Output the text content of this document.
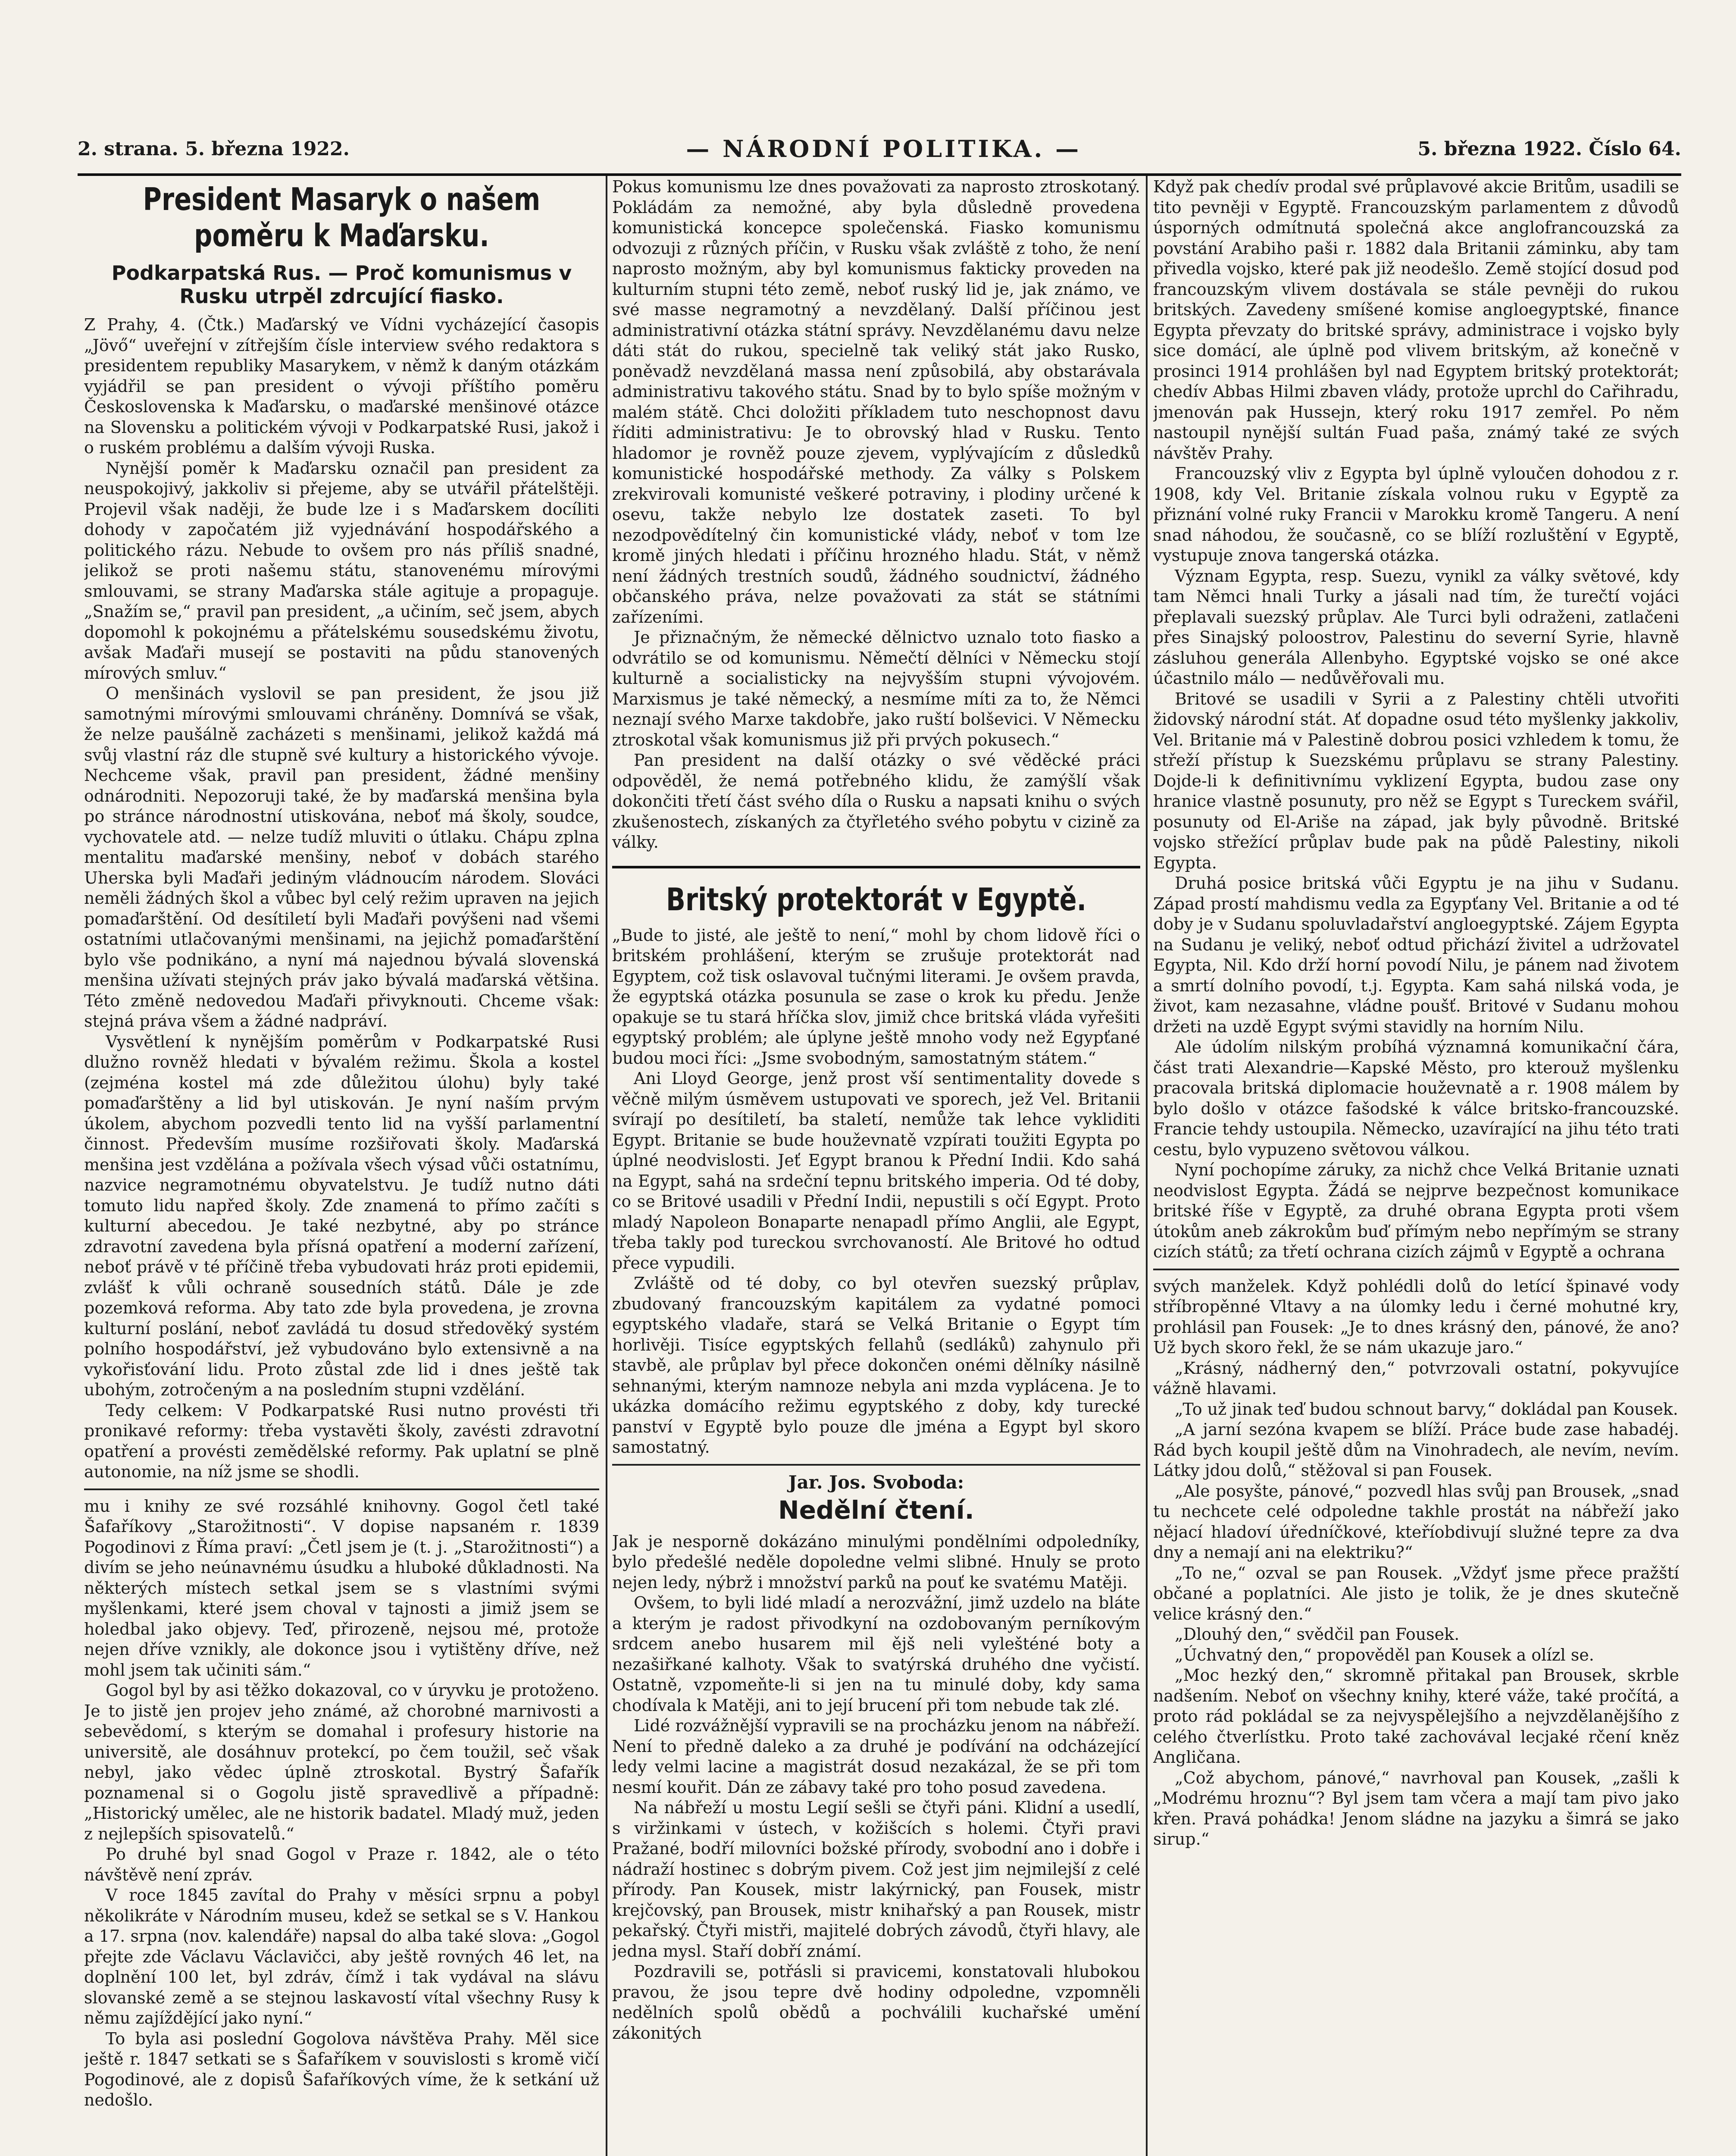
2. strana. 5. března 1922.	— NÁRODNÍ POLITIKA. —	5. března 1922. Číslo 64.
President Masaryk o našem poměru k Maďarsku.
Podkarpatská Rus. — Proč komunismus v Rusku utrpěl zdrcující fiasko.

Z Prahy, 4. (Čtk.) Maďarský ve Vídni vycházející časopis „Jövő“ uveřejní v zítřejším čísle interview svého redaktora s presidentem republiky Masarykem, v němž k daným otázkám vyjádřil se pan president o vývoji příštího poměru Československa k Maďarsku, o maďarské menšinové otázce na Slovensku a politickém vývoji v Podkarpatské Rusi, jakož i o ruském problému a dalším vývoji Ruska.

Nynější poměr k Maďarsku označil pan president za neuspokojivý, jakkoliv si přejeme, aby se utvářil přátelštěji. Projevil však naději, že bude lze i s Maďarskem docíliti dohody v započatém již vyjednávání hospodářského a politického rázu. Nebude to ovšem pro nás příliš snadné, jelikož se proti našemu státu, stanovenému mírovými smlouvami, se strany Maďarska stále agituje a propaguje. „Snažím se,“ pravil pan president, „a učiním, seč jsem, abych dopomohl k pokojnému a přátelskému sousedskému životu, avšak Maďaři musejí se postaviti na půdu stanovených mírových smluv.“

O menšinách vyslovil se pan president, že jsou již samotnými mírovými smlouvami chráněny. Domnívá se však, že nelze paušálně zacházeti s menšinami, jelikož každá má svůj vlastní ráz dle stupně své kultury a historického vývoje. Nechceme však, pravil pan president, žádné menšiny odnárodniti. Nepozoruji také, že by maďarská menšina byla po stránce národnostní utiskována, neboť má školy, soudce, vychovatele atd. — nelze tudíž mluviti o útlaku. Chápu zplna mentalitu maďarské menšiny, neboť v dobách starého Uherska byli Maďaři jediným vládnoucím národem. Slováci neměli žádných škol a vůbec byl celý režim upraven na jejich pomaďarštění. Od desítiletí byli Maďaři povýšeni nad všemi ostatními utlačovanými menšinami, na jejichž pomaďarštění bylo vše podnikáno, a nyní má najednou bývalá slovenská menšina užívati stejných práv jako bývalá maďarská většina. Této změně nedovedou Maďaři přivyknouti. Chceme však: stejná práva všem a žádné nadpráví.

Vysvětlení k nynějším poměrům v Podkarpatské Rusi dlužno rovněž hledati v bývalém režimu. Škola a kostel (zejména kostel má zde důležitou úlohu) byly také pomaďarštěny a lid byl utiskován. Je nyní naším prvým úkolem, abychom pozvedli tento lid na vyšší parlamentní činnost. Především musíme rozšiřovati školy. Maďarská menšina jest vzdělána a požívala všech výsad vůči ostatnímu, nazvice negramotnému obyvatelstvu. Je tudíž nutno dáti tomuto lidu napřed školy. Zde znamená to přímo začíti s kulturní abecedou. Je také nezbytné, aby po stránce zdravotní zavedena byla přísná opatření a moderní zařízení, neboť právě v té příčině třeba vybudovati hráz proti epidemii, zvlášť k vůli ochraně sousedních států. Dále je zde pozemková reforma. Aby tato zde byla provedena, je zrovna kulturní poslání, neboť zavládá tu dosud středověký systém polního hospodářství, jež vybudováno bylo extensivně a na vykořisťování lidu. Proto zůstal zde lid i dnes ještě tak ubohým, zotročeným a na posledním stupni vzdělání.

Tedy celkem: V Podkarpatské Rusi nutno provésti tři pronikavé reformy: třeba vystavěti školy, zavésti zdravotní opatření a provésti zemědělské reformy. Pak uplatní se plně autonomie, na níž jsme se shodli.

mu i knihy ze své rozsáhlé knihovny. Gogol četl také Šafaříkovy „Starožitnosti“. V dopise napsaném r. 1839 Pogodinovi z Říma praví: „Četl jsem je (t. j. „Starožitnosti“) a divím se jeho neúnavnému úsudku a hluboké důkladnosti. Na některých místech setkal jsem se s vlastními svými myšlenkami, které jsem choval v tajnosti a jimiž jsem se holedbal jako objevy. Teď, přirozeně, nejsou mé, protože nejen dříve vznikly, ale dokonce jsou i vytištěny dříve, než mohl jsem tak učiniti sám.“

Gogol byl by asi těžko dokazoval, co v úryvku je protoženo. Je to jistě jen projev jeho známé, až chorobné marnivosti a sebevědomí, s kterým se domahal i profesury historie na universitě, ale dosáhnuv protekcí, po čem toužil, seč však nebyl, jako vědec úplně ztroskotal. Bystrý Šafařík poznamenal si o Gogolu jistě spravedlivě a případně: „Historický umělec, ale ne historik badatel. Mladý muž, jeden z nejlepších spisovatelů.“

Po druhé byl snad Gogol v Praze r. 1842, ale o této návštěvě není zpráv.

V roce 1845 zavítal do Prahy v měsíci srpnu a pobyl několikráte v Národním museu, kdež se setkal se s V. Hankou a 17. srpna (nov. kalendáře) napsal do alba také slova: „Gogol přejte zde Václavu Václavičci, aby ještě rovných 46 let, na doplnění 100 let, byl zdráv, čímž i tak vydával na slávu slovanské země a se stejnou laskavostí vítal všechny Rusy k němu zajíždějící jako nyní.“

To byla asi poslední Gogolova návštěva Prahy. Měl sice ještě r. 1847 setkati se s Šafaříkem v souvislosti s kromě vičí Pogodinové, ale z dopisů Šafaříkových víme, že k setkání už nedošlo.

Pokus komunismu lze dnes považovati za naprosto ztroskotaný. Pokládám za nemožné, aby byla důsledně provedena komunistická koncepce společenská. Fiasko komunismu odvozuji z různých příčin, v Rusku však zvláště z toho, že není naprosto možným, aby byl komunismus fakticky proveden na kulturním stupni této země, neboť ruský lid je, jak známo, ve své masse negramotný a nevzdělaný. Další příčinou jest administrativní otázka státní správy. Nevzdělanému davu nelze dáti stát do rukou, specielně tak veliký stát jako Rusko, poněvadž nevzdělaná massa není způsobilá, aby obstarávala administrativu takového státu. Snad by to bylo spíše možným v malém státě. Chci doložiti příkladem tuto neschopnost davu říditi administrativu: Je to obrovský hlad v Rusku. Tento hladomor je rovněž pouze zjevem, vyplývajícím z důsledků komunistické hospodářské methody. Za války s Polskem zrekvirovali komunisté veškeré potraviny, i plodiny určené k osevu, takže nebylo lze dostatek zaseti. To byl nezodpovědítelný čin komunistické vlády, neboť v tom lze kromě jiných hledati i příčinu hrozného hladu. Stát, v němž není žádných trestních soudů, žádného soudnictví, žádného občanského práva, nelze považovati za stát se státními zařízeními.

Je přiznačným, že německé dělnictvo uznalo toto fiasko a odvrátilo se od komunismu. Němečtí dělníci v Německu stojí kulturně a socialisticky na nejvyšším stupni vývojovém. Marxismus je také německý, a nesmíme míti za to, že Němci neznají svého Marxe takdobře, jako ruští bolševici. V Německu ztroskotal však komunismus již při prvých pokusech.“

Pan president na další otázky o své věděcké práci odpověděl, že nemá potřebného klidu, že zamýšlí však dokončiti třetí část svého díla o Rusku a napsati knihu o svých zkušenostech, získaných za čtyřletého svého pobytu v cizině za války.

Britský protektorát v Egyptě.

„Bude to jisté, ale ještě to není,“ mohl by chom lidově říci o britském prohlášení, kterým se zrušuje protektorát nad Egyptem, což tisk oslavoval tučnými literami. Je ovšem pravda, že egyptská otázka posunula se zase o krok ku předu. Jenže opakuje se tu stará hříčka slov, jimiž chce britská vláda vyřešiti egyptský problém; ale úplyne ještě mnoho vody než Egypťané budou moci říci: „Jsme svobodným, samostatným státem.“

Ani Lloyd George, jenž prost vší sentimentality dovede s věčně milým úsměvem ustupovati ve sporech, jež Vel. Britanii svírají po desítiletí, ba staletí, nemůže tak lehce vykliditi Egypt. Britanie se bude houževnatě vzpírati toužiti Egypta po úplné neodvislosti. Jeť Egypt branou k Přední Indii. Kdo sahá na Egypt, sahá na srdeční tepnu britského imperia. Od té doby, co se Britové usadili v Přední Indii, nepustili s očí Egypt. Proto mladý Napoleon Bonaparte nenapadl přímo Anglii, ale Egypt, třeba takly pod tureckou svrchovaností. Ale Britové ho odtud přece vypudili.

Zvláště od té doby, co byl otevřen suezský průplav, zbudovaný francouzským kapitálem za vydatné pomoci egyptského vladaře, stará se Velká Britanie o Egypt tím horlivěji. Tisíce egyptských fellahů (sedláků) zahynulo při stavbě, ale průplav byl přece dokončen onémi dělníky násilně sehnanými, kterým namnoze nebyla ani mzda vyplácena. Je to ukázka domácího režimu egyptského z doby, kdy turecké panství v Egyptě bylo pouze dle jména a Egypt byl skoro samostatný.

Jar. Jos. Svoboda:
Nedělní čtení.

Jak je nesporně dokázáno minulými pondělními odpoledníky, bylo předešlé neděle dopoledne velmi slibné. Hnuly se proto nejen ledy, nýbrž i množství parků na pouť ke svatému Matěji.

Ovšem, to byli lidé mladí a nerozvážní, jimž uzdelo na bláte a kterým je radost přivodkyní na ozdobovaným perníkovým srdcem anebo husarem mil ějš neli vylešténé boty a nezašiřkané kalhoty. Však to svatýrská druhého dne vyčistí. Ostatně, vzpomeňte-li si jen na tu minulé doby, kdy sama chodívala k Matěji, ani to její brucení při tom nebude tak zlé.

Lidé rozvážnější vypravili se na procházku jenom na nábřeží. Není to předně daleko a za druhé je podívání na odcházející ledy velmi lacine a magistrát dosud nezakázal, že se při tom nesmí kouřit. Dán ze zábavy také pro toho posud zavedena.

Na nábřeží u mostu Legií sešli se čtyři páni. Klidní a usedlí, s viržinkami v ústech, v kožišcích s holemi. Čtyři pravi Pražané, bodří milovníci božské přírody, svobodní ano i dobře i nádraží hostinec s dobrým pivem. Což jest jim nejmilejší z celé přírody. Pan Kousek, mistr lakýrnický, pan Fousek, mistr krejčovský, pan Brousek, mistr knihařský a pan Rousek, mistr pekařský. Čtyři mistři, majitelé dobrých závodů, čtyři hlavy, ale jedna mysl. Staří dobří známí.

Pozdravili se, potřásli si pravicemi, konstatovali hlubokou pravou, že jsou tepre dvě hodiny odpoledne, vzpomněli nedělních spolů obědů a pochválili kuchařské umění zákonitých

Když pak chedív prodal své průplavové akcie Britům, usadili se tito pevněji v Egyptě. Francouzským parlamentem z důvodů úsporných odmítnutá společná akce anglofrancouzská za povstání Arabiho paši r. 1882 dala Britanii záminku, aby tam přivedla vojsko, které pak již neodešlo. Země stojící dosud pod francouzským vlivem dostávala se stále pevněji do rukou britských. Zavedeny smíšené komise angloegyptské, finance Egypta převzaty do britské správy, administrace i vojsko byly sice domácí, ale úplně pod vlivem britským, až konečně v prosinci 1914 prohlášen byl nad Egyptem britský protektorát; chedív Abbas Hilmi zbaven vlády, protože uprchl do Cařihradu, jmenován pak Hussejn, který roku 1917 zemřel. Po něm nastoupil nynější sultán Fuad paša, známý také ze svých návštěv Prahy.

Francouzský vliv z Egypta byl úplně vyloučen dohodou z r. 1908, kdy Vel. Britanie získala volnou ruku v Egyptě za přiznání volné ruky Francii v Marokku kromě Tangeru. A není snad náhodou, že současně, co se blíží rozluštění v Egyptě, vystupuje znova tangerská otázka.

Význam Egypta, resp. Suezu, vynikl za války světové, kdy tam Němci hnali Turky a jásali nad tím, že turečtí vojáci přeplavali suezský průplav. Ale Turci byli odraženi, zatlačeni přes Sinajský poloostrov, Palestinu do severní Syrie, hlavně zásluhou generála Allenbyho. Egyptské vojsko se oné akce účastnilo málo — nedůvěřovali mu.

Britové se usadili v Syrii a z Palestiny chtěli utvořiti židovský národní stát. Ať dopadne osud této myšlenky jakkoliv, Vel. Britanie má v Palestině dobrou posici vzhledem k tomu, že střeží přístup k Suezskému průplavu se strany Palestiny. Dojde-li k definitivnímu vyklizení Egypta, budou zase ony hranice vlastně posunuty, pro něž se Egypt s Tureckem svářil, posunuty od El-Ariše na západ, jak byly původně. Britské vojsko střežící průplav bude pak na půdě Palestiny, nikoli Egypta.

Druhá posice britská vůči Egyptu je na jihu v Sudanu. Západ prostí mahdismu vedla za Egypťany Vel. Britanie a od té doby je v Sudanu spoluvladařství angloegyptské. Zájem Egypta na Sudanu je veliký, neboť odtud přichází živitel a udržovatel Egypta, Nil. Kdo drží horní povodí Nilu, je pánem nad životem a smrtí dolního povodí, t.j. Egypta. Kam sahá nilská voda, je život, kam nezasahne, vládne poušť. Britové v Sudanu mohou držeti na uzdě Egypt svými stavidly na horním Nilu.

Ale údolím nilským probíhá významná komunikační čára, část trati Alexandrie—Kapské Město, pro kterouž myšlenku pracovala britská diplomacie houževnatě a r. 1908 málem by bylo došlo v otázce fašodské k válce britsko-francouzské. Francie tehdy ustoupila. Německo, uzavírající na jihu této trati cestu, bylo vypuzeno světovou válkou.

Nyní pochopíme záruky, za nichž chce Velká Britanie uznati neodvislost Egypta. Žádá se nejprve bezpečnost komunikace britské říše v Egyptě, za druhé obrana Egypta proti všem útokům aneb zákrokům buď přímým nebo nepřímým se strany cizích států; za třetí ochrana cizích zájmů v Egyptě a ochrana

svých manželek. Když pohlédli dolů do letící špinavé vody stříbropěnné Vltavy a na úlomky ledu i černé mohutné kry, prohlásil pan Fousek: „Je to dnes krásný den, pánové, že ano? Už bych skoro řekl, že se nám ukazuje jaro.“

„Krásný, nádherný den,“ potvrzovali ostatní, pokyvujíce vážně hlavami.

„To už jinak teď budou schnout barvy,“ dokládal pan Kousek.

„A jarní sezóna kvapem se blíží. Práce bude zase habadéj. Rád bych koupil ještě dům na Vinohradech, ale nevím, nevím. Látky jdou dolů,“ stěžoval si pan Fousek.

„Ale posyšte, pánové,“ pozvedl hlas svůj pan Brousek, „snad tu nechcete celé odpoledne takhle prostát na nábřeží jako nějací hladoví úředníčkové, kteříobdivují služné tepre za dva dny a nemají ani na elektriku?“

„To ne,“ ozval se pan Rousek. „Vždyť jsme přece pražští občané a poplatníci. Ale jisto je tolik, že je dnes skutečně velice krásný den.“

„Dlouhý den,“ svědčil pan Fousek.

„Úchvatný den,“ propověděl pan Kousek a olízl se.

„Moc hezký den,“ skromně přitakal pan Brousek, skrble nadšením. Neboť on všechny knihy, které váže, také pročítá, a proto rád pokládal se za nejvyspělejšího a nejvzdělanějšího z celého čtverlístku. Proto také zachovával lecjaké rčení kněz Angličana.

„Což abychom, pánové,“ navrhoval pan Kousek, „zašli k „Modrému hroznu“? Byl jsem tam včera a mají tam pivo jako křen. Pravá pohádka! Jenom sládne na jazyku a šimrá se jako sirup.“
